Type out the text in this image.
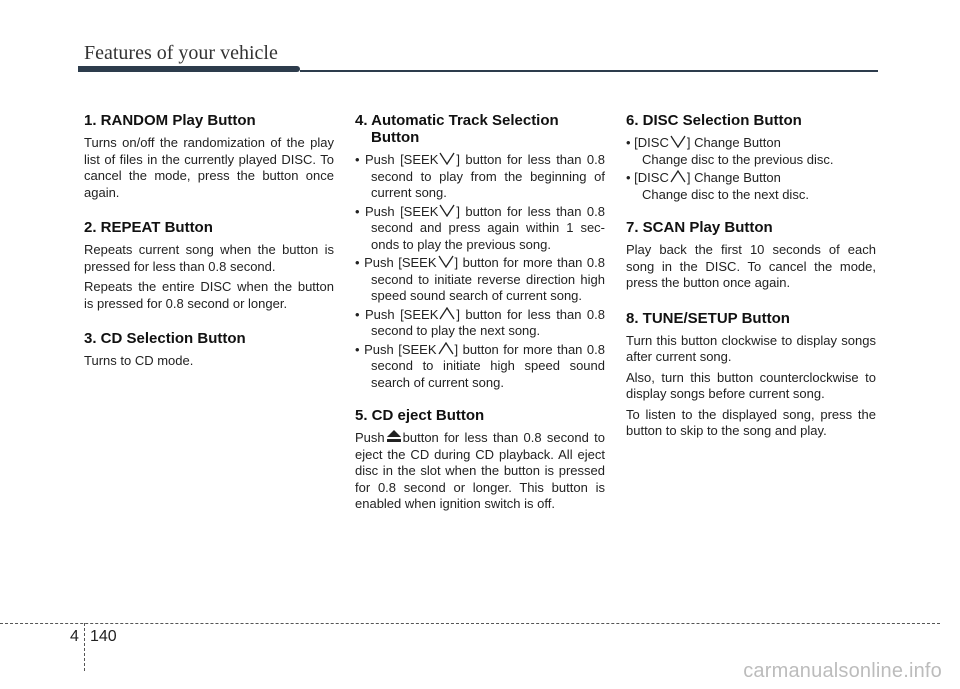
Features of your vehicle
1. RANDOM Play Button

Turns on/off the randomization of the play list of files in the currently played DISC. To cancel the mode, press the button once again.

2. REPEAT Button

Repeats current song when the button is pressed for less than 0.8 second.

Repeats the entire DISC when the button is pressed for 0.8 second or longer.

3. CD Selection Button

Turns to CD mode.

4. Automatic Track Selection Button
• Push [SEEK ] button for less than 0.8 second to play from the beginning of current song.
• Push [SEEK ] button for less than 0.8 second and press again within 1 sec- onds to play the previous song.
• Push [SEEK ] button for more than 0.8 second to initiate reverse direction high speed sound search of current song.
• Push [SEEK ] button for less than 0.8 second to play the next song.
• Push [SEEK ] button for more than 0.8 second to initiate high speed sound search of current song.
5. CD eject Button

Push button for less than 0.8 second to eject the CD during CD playback. All eject disc in the slot when the button is pressed for 0.8 second or longer. This button is enabled when ignition switch is off.

6. DISC Selection Button
• [DISC ] Change Button
Change disc to the previous disc.
• [DISC ] Change Button
Change disc to the next disc.
7. SCAN Play Button

Play back the first 10 seconds of each song in the DISC. To cancel the mode, press the button once again.

8. TUNE/SETUP Button

Turn this button clockwise to display songs after current song.

Also, turn this button counterclockwise to display songs before current song.

To listen to the displayed song, press the button to skip to the song and play.

4 140
carmanualsonline.info
